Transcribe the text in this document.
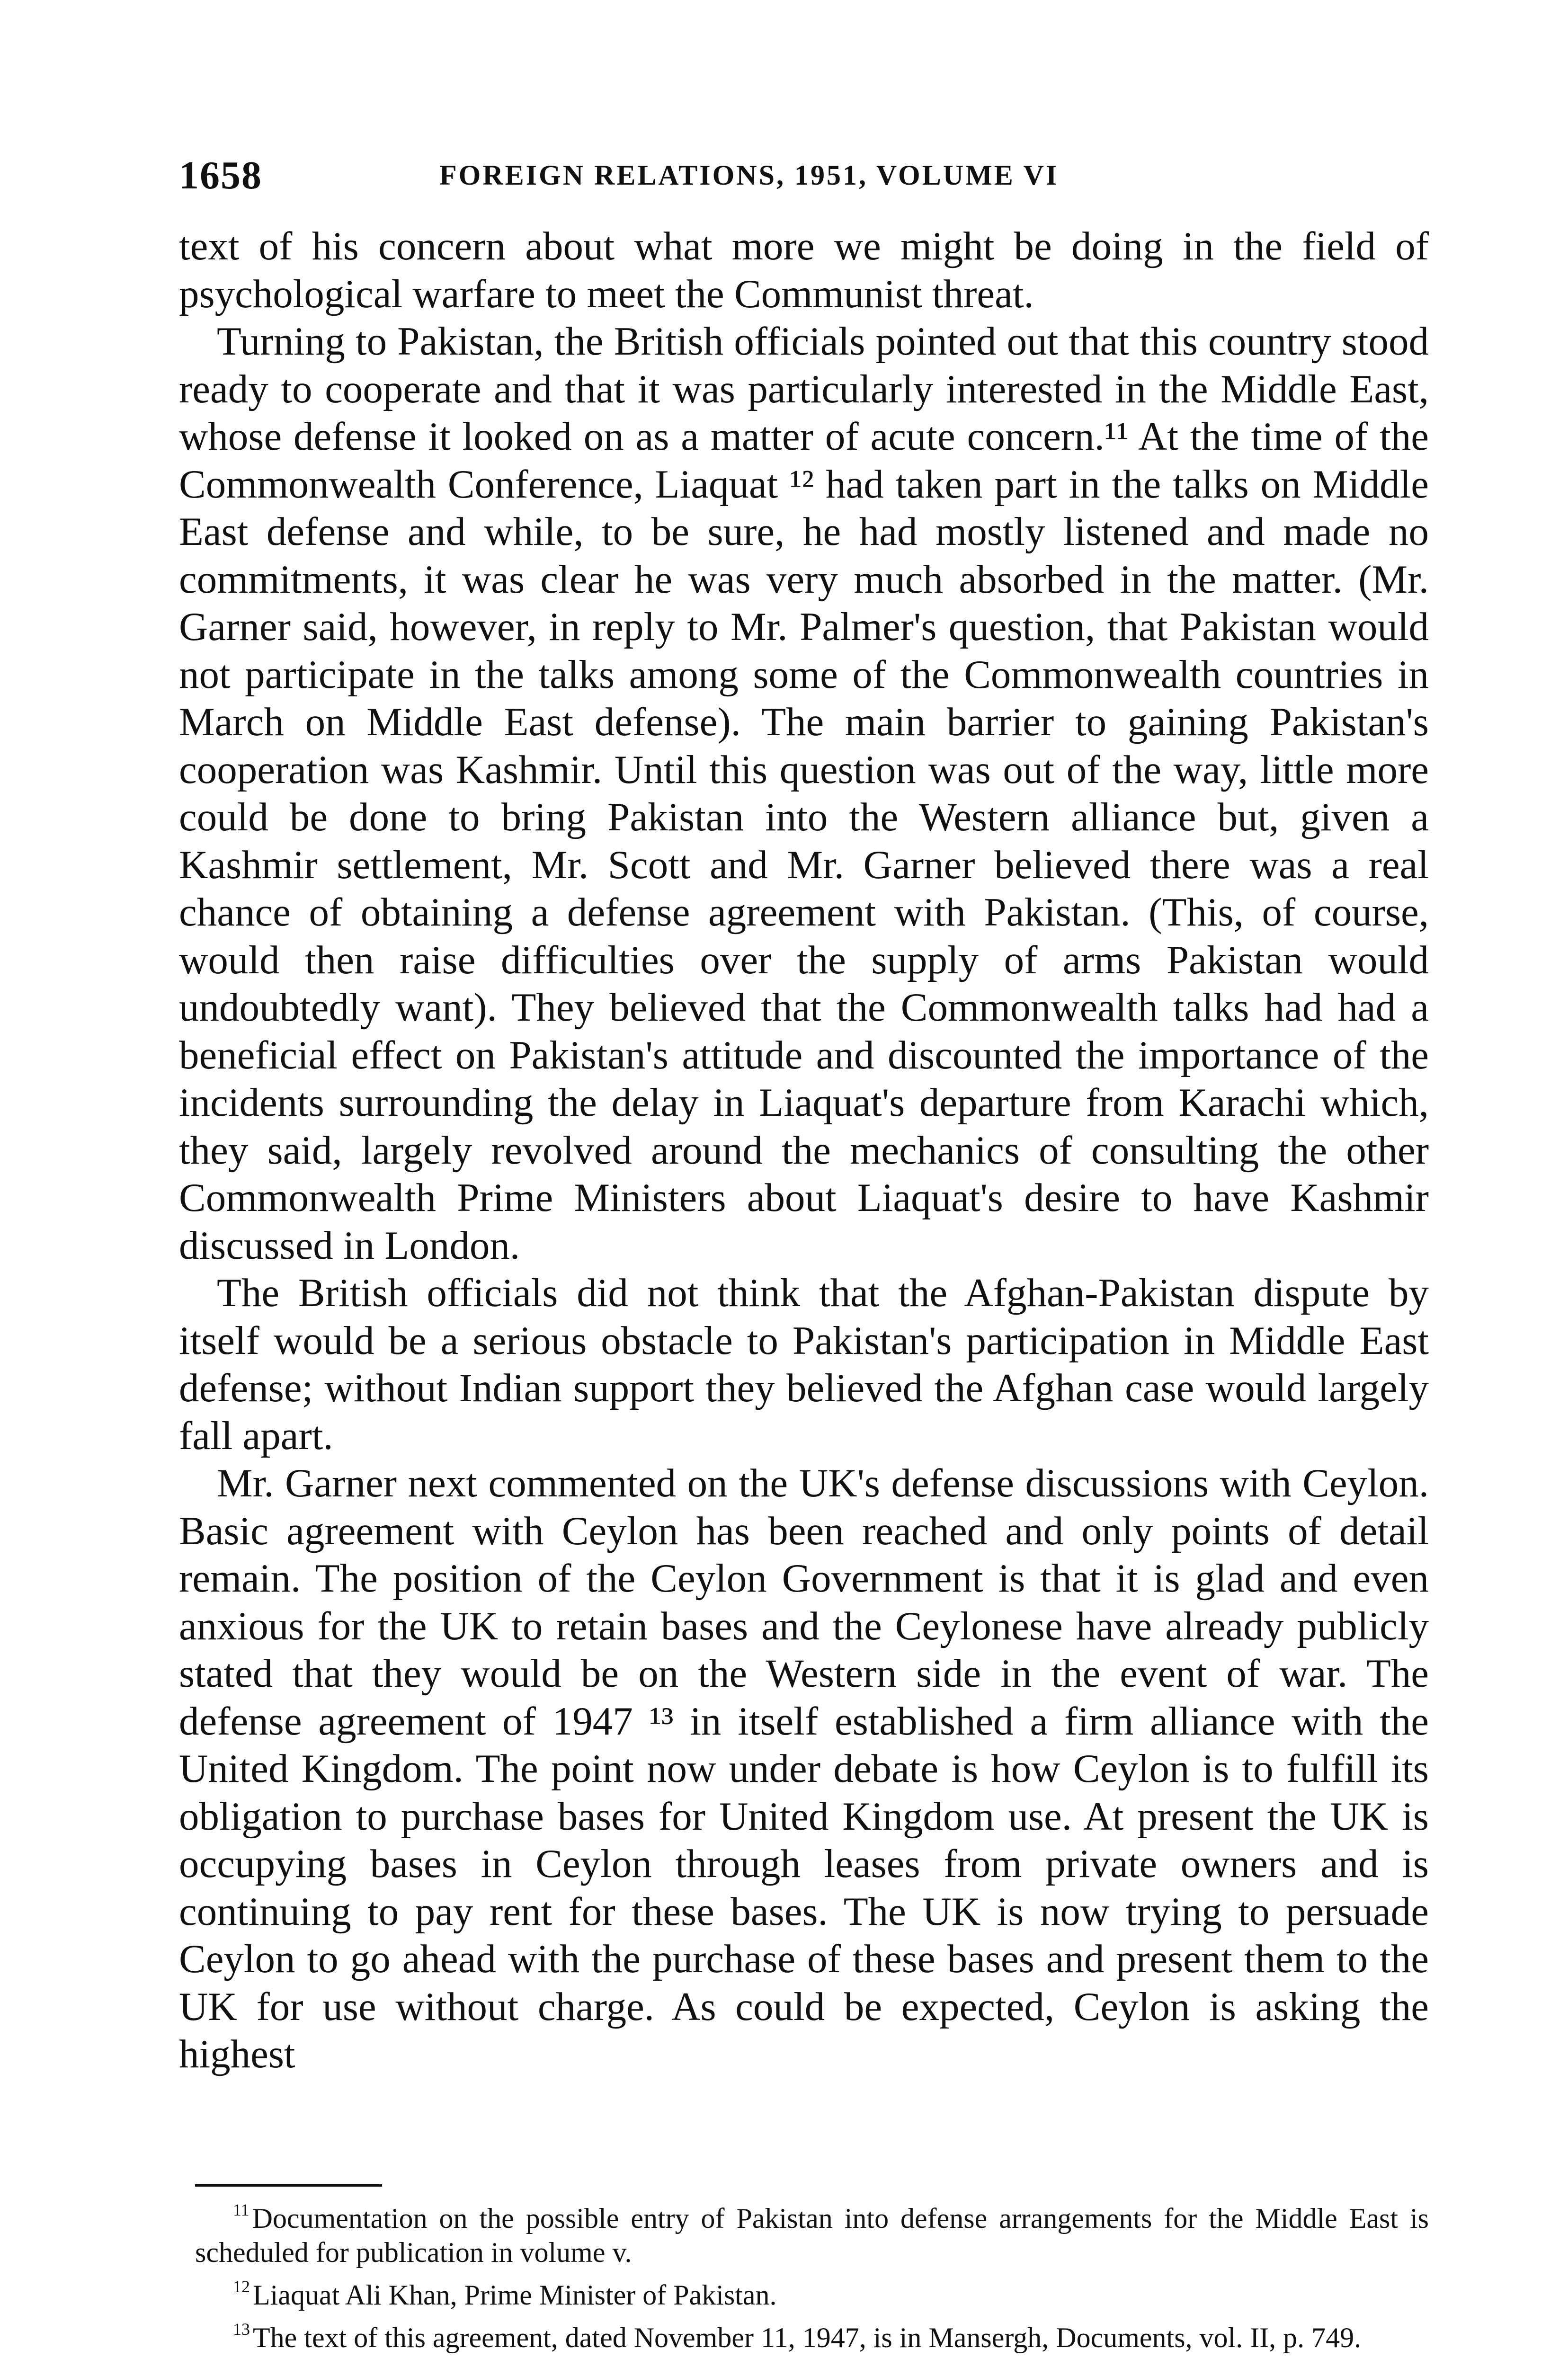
1658	FOREIGN RELATIONS, 1951, VOLUME VI

text of his concern about what more we might be doing in the field of psychological warfare to meet the Communist threat.

Turning to Pakistan, the British officials pointed out that this country stood ready to cooperate and that it was particularly interested in the Middle East, whose defense it looked on as a matter of acute concern.¹¹ At the time of the Commonwealth Conference, Liaquat ¹² had taken part in the talks on Middle East defense and while, to be sure, he had mostly listened and made no commitments, it was clear he was very much absorbed in the matter. (Mr. Garner said, however, in reply to Mr. Palmer's question, that Pakistan would not participate in the talks among some of the Commonwealth countries in March on Middle East defense). The main barrier to gaining Pakistan's cooperation was Kashmir. Until this question was out of the way, little more could be done to bring Pakistan into the Western alliance but, given a Kashmir settlement, Mr. Scott and Mr. Garner believed there was a real chance of obtaining a defense agreement with Pakistan. (This, of course, would then raise difficulties over the supply of arms Pakistan would undoubtedly want). They believed that the Commonwealth talks had had a beneficial effect on Pakistan's attitude and discounted the importance of the incidents surrounding the delay in Liaquat's departure from Karachi which, they said, largely revolved around the mechanics of consulting the other Commonwealth Prime Ministers about Liaquat's desire to have Kashmir discussed in London.

The British officials did not think that the Afghan-Pakistan dispute by itself would be a serious obstacle to Pakistan's participation in Middle East defense; without Indian support they believed the Afghan case would largely fall apart.

Mr. Garner next commented on the UK's defense discussions with Ceylon. Basic agreement with Ceylon has been reached and only points of detail remain. The position of the Ceylon Government is that it is glad and even anxious for the UK to retain bases and the Ceylonese have already publicly stated that they would be on the Western side in the event of war. The defense agreement of 1947 ¹³ in itself established a firm alliance with the United Kingdom. The point now under debate is how Ceylon is to fulfill its obligation to purchase bases for United Kingdom use. At present the UK is occupying bases in Ceylon through leases from private owners and is continuing to pay rent for these bases. The UK is now trying to persuade Ceylon to go ahead with the purchase of these bases and present them to the UK for use without charge. As could be expected, Ceylon is asking the highest

11 Documentation on the possible entry of Pakistan into defense arrangements for the Middle East is scheduled for publication in volume v.

12 Liaquat Ali Khan, Prime Minister of Pakistan.

13 The text of this agreement, dated November 11, 1947, is in Mansergh, Documents, vol. II, p. 749.
